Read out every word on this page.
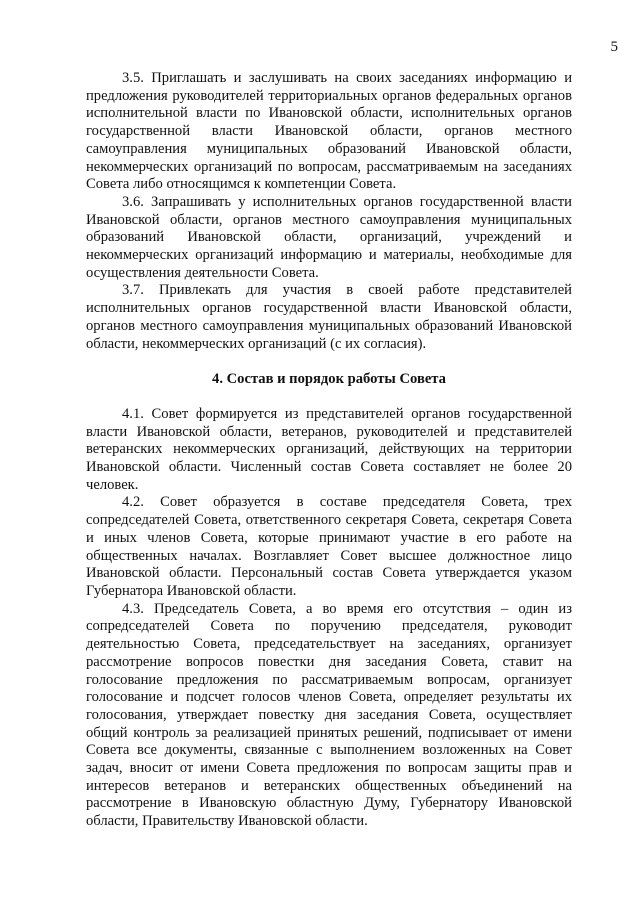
5

3.5. Приглашать и заслушивать на своих заседаниях информацию и предложения руководителей территориальных органов федеральных органов исполнительной власти по Ивановской области, исполнительных органов государственной власти Ивановской области, органов местного самоуправления муниципальных образований Ивановской области, некоммерческих организаций по вопросам, рассматриваемым на заседаниях Совета либо относящимся к компетенции Совета.

3.6. Запрашивать у исполнительных органов государственной власти Ивановской области, органов местного самоуправления муниципальных образований Ивановской области, организаций, учреждений и некоммерческих организаций информацию и материалы, необходимые для осуществления деятельности Совета.

3.7. Привлекать для участия в своей работе представителей исполнительных органов государственной власти Ивановской области, органов местного самоуправления муниципальных образований Ивановской области, некоммерческих организаций (с их согласия).

4. Состав и порядок работы Совета

4.1. Совет формируется из представителей органов государственной власти Ивановской области, ветеранов, руководителей и представителей ветеранских некоммерческих организаций, действующих на территории Ивановской области. Численный состав Совета составляет не более 20 человек.

4.2. Совет образуется в составе председателя Совета, трех сопредседателей Совета, ответственного секретаря Совета, секретаря Совета и иных членов Совета, которые принимают участие в его работе на общественных началах. Возглавляет Совет высшее должностное лицо Ивановской области. Персональный состав Совета утверждается указом Губернатора Ивановской области.

4.3. Председатель Совета, а во время его отсутствия – один из сопредседателей Совета по поручению председателя, руководит деятельностью Совета, председательствует на заседаниях, организует рассмотрение вопросов повестки дня заседания Совета, ставит на голосование предложения по рассматриваемым вопросам, организует голосование и подсчет голосов членов Совета, определяет результаты их голосования, утверждает повестку дня заседания Совета, осуществляет общий контроль за реализацией принятых решений, подписывает от имени Совета все документы, связанные с выполнением возложенных на Совет задач, вносит от имени Совета предложения по вопросам защиты прав и интересов ветеранов и ветеранских общественных объединений на рассмотрение в Ивановскую областную Думу, Губернатору Ивановской области, Правительству Ивановской области.
